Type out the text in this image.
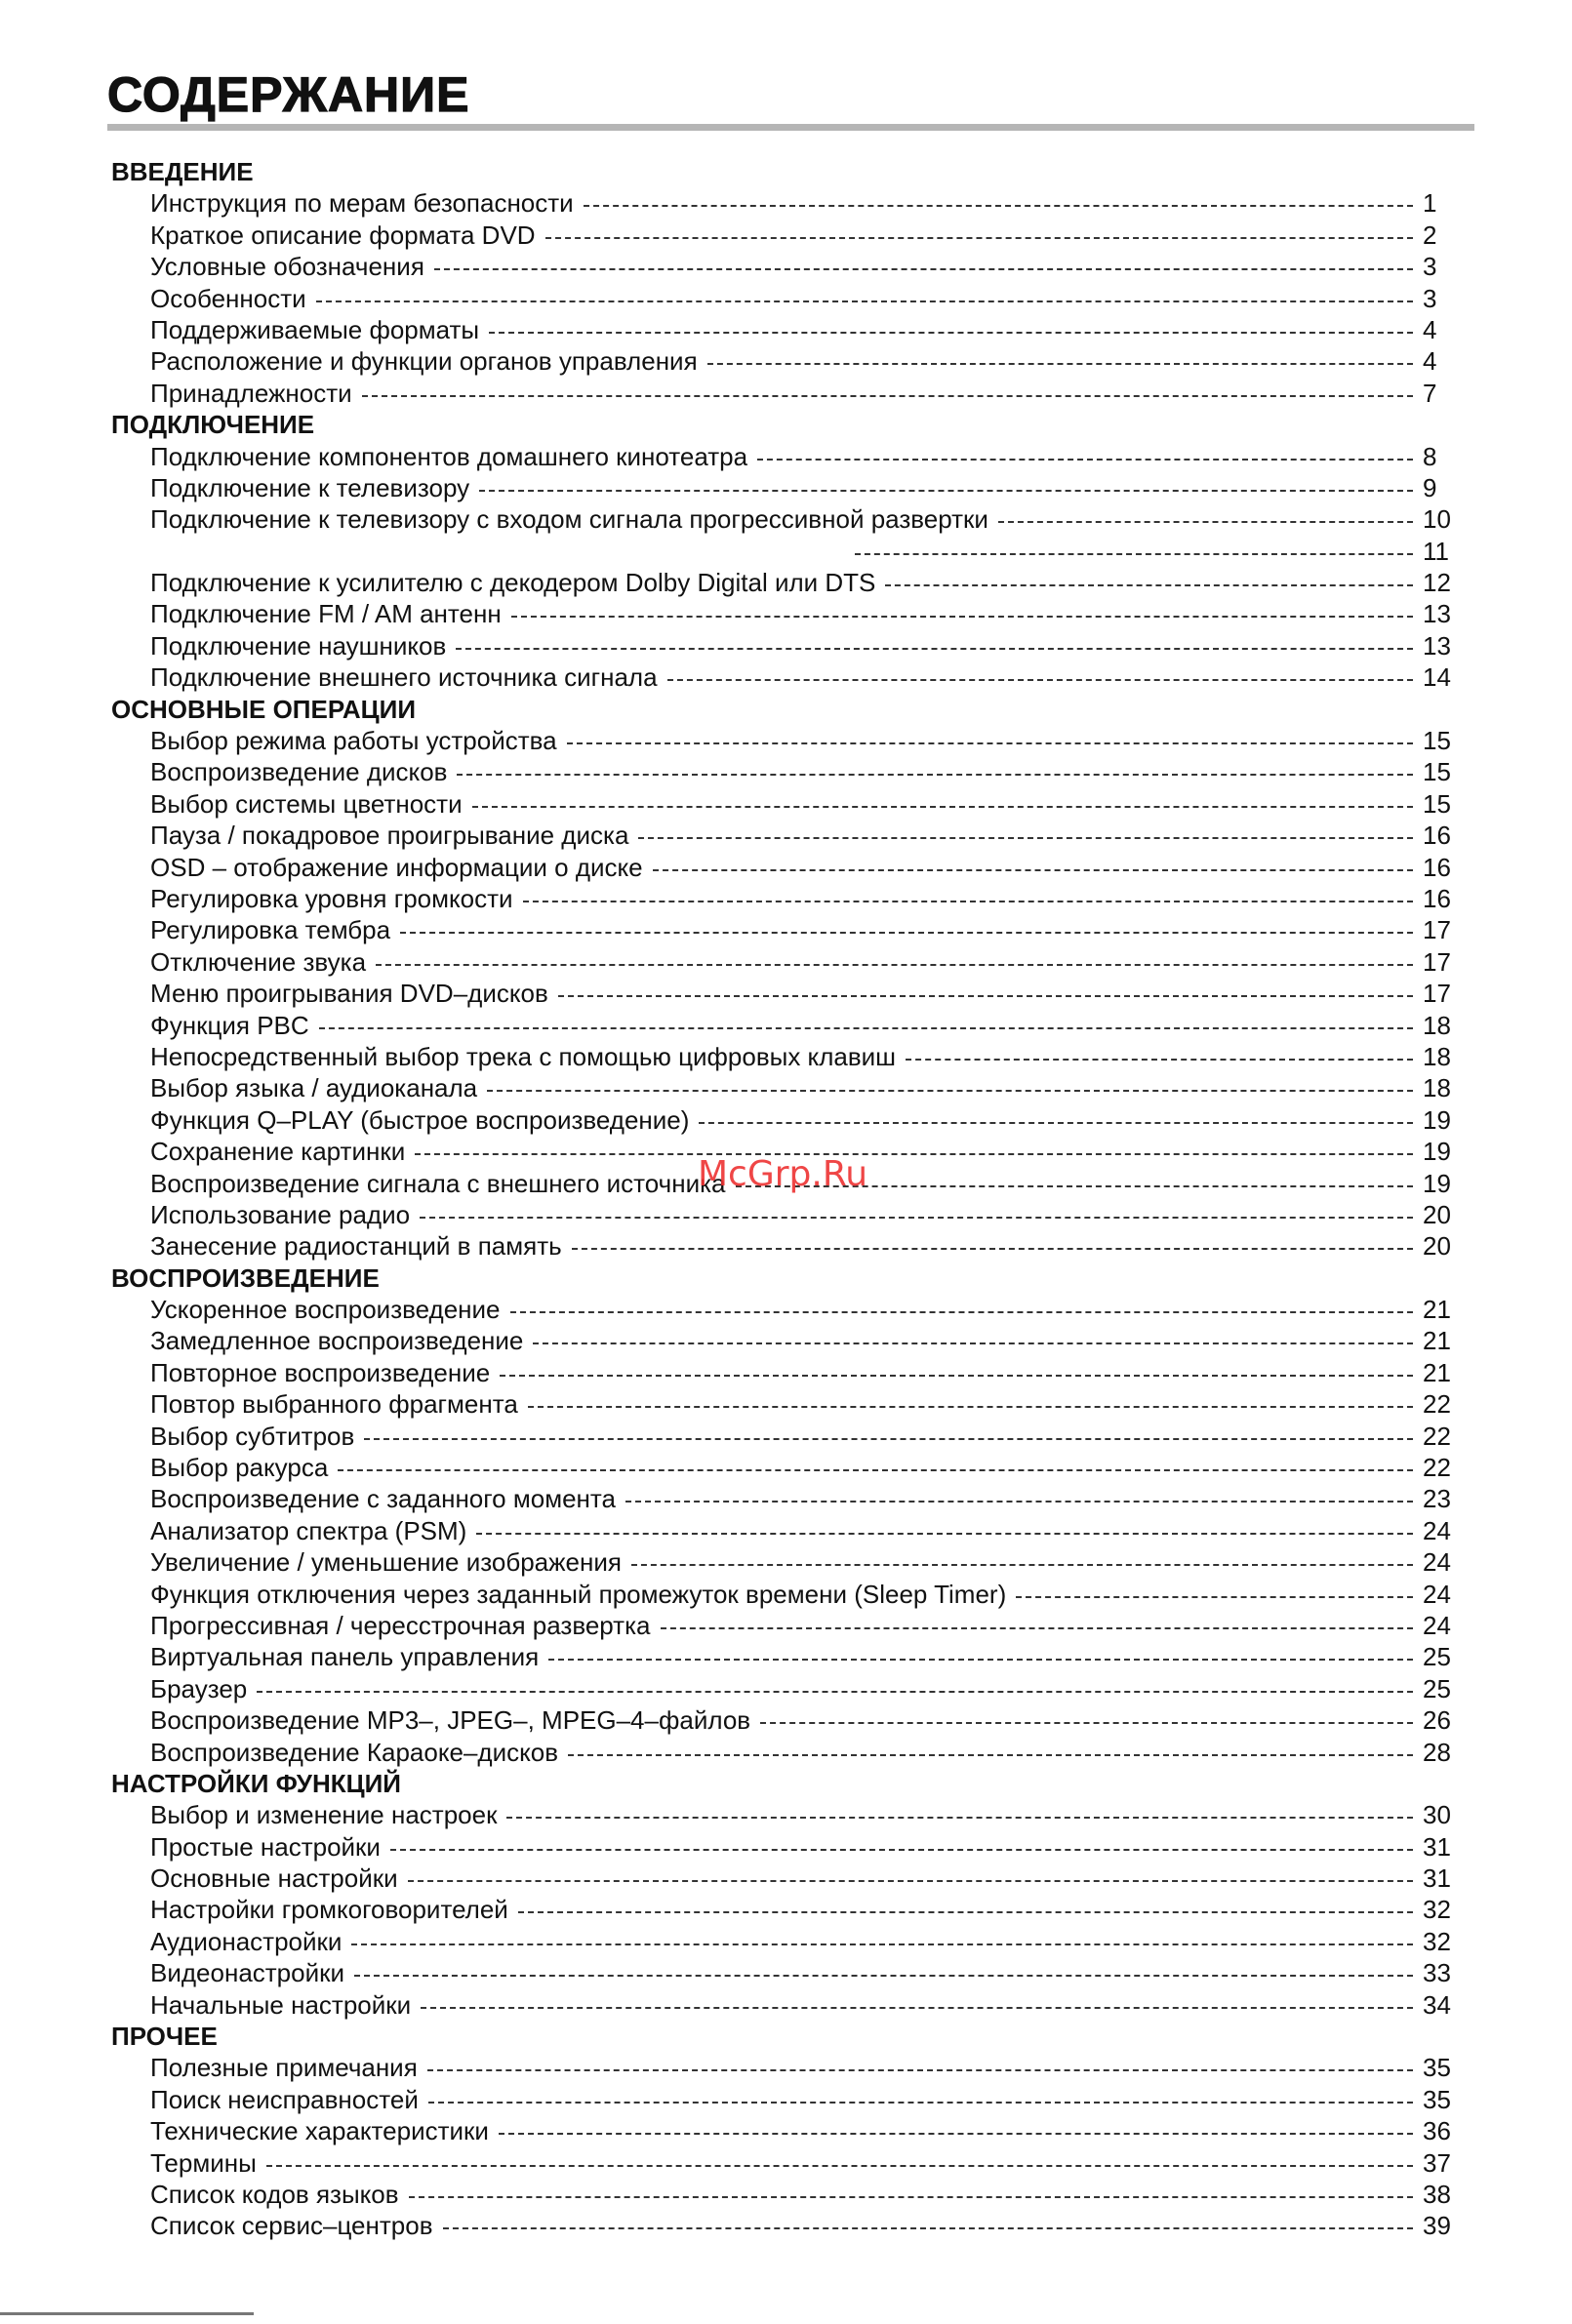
СОДЕРЖАНИЕ
ВВЕДЕНИЕ
Инструкция по мерам безопасности	1
Краткое описание формата DVD	2
Условные обозначения	3
Особенности	3
Поддерживаемые форматы	4
Расположение и функции органов управления	4
Принадлежности	7
ПОДКЛЮЧЕНИЕ
Подключение компонентов домашнего кинотеатра	8
Подключение к телевизору	9
Подключение к телевизору с входом сигнала прогрессивной развертки	10
11
Подключение к усилителю с декодером Dolby Digital или DTS	12
Подключение FM / AM антенн	13
Подключение наушников	13
Подключение внешнего источника сигнала	14
ОСНОВНЫЕ ОПЕРАЦИИ
Выбор режима работы устройства	15
Воспроизведение дисков	15
Выбор системы цветности	15
Пауза / покадровое проигрывание диска	16
OSD – отображение информации о диске	16
Регулировка уровня громкости	16
Регулировка тембра	17
Отключение звука	17
Меню проигрывания DVD–дисков	17
Функция PBC	18
Непосредственный выбор трека с помощью цифровых клавиш	18
Выбор языка / аудиоканала	18
Функция Q–PLAY (быстрое воспроизведение)	19
Сохранение картинки	19
Воспроизведение сигнала с внешнего источника	19
Использование радио	20
Занесение радиостанций в память	20
ВОСПРОИЗВЕДЕНИЕ
Ускоренное воспроизведение	21
Замедленное воспроизведение	21
Повторное воспроизведение	21
Повтор выбранного фрагмента	22
Выбор субтитров	22
Выбор ракурса	22
Воспроизведение с заданного момента	23
Анализатор спектра (PSM)	24
Увеличение / уменьшение изображения	24
Функция отключения через заданный промежуток времени (Sleep Timer)	24
Прогрессивная / чересстрочная развертка	24
Виртуальная панель управления	25
Браузер	25
Воспроизведение MP3–, JPEG–, MPEG–4–файлов	26
Воспроизведение Караоке–дисков	28
НАСТРОЙКИ ФУНКЦИЙ
Выбор и изменение настроек	30
Простые настройки	31
Основные настройки	31
Настройки громкоговорителей	32
Аудионастройки	32
Видеонастройки	33
Начальные настройки	34
ПРОЧЕЕ
Полезные примечания	35
Поиск неисправностей	35
Технические характеристики	36
Термины	37
Список кодов языков	38
Список сервис–центров	39
McGrp.Ru
